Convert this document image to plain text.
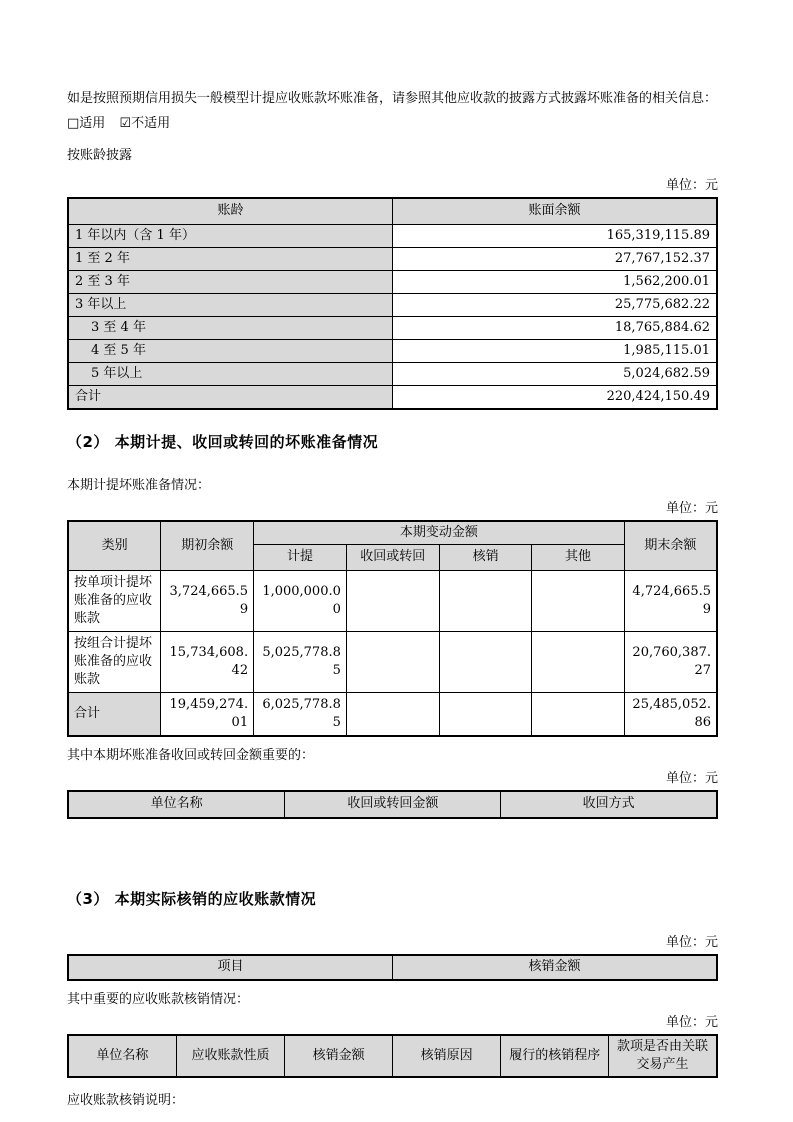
如是按照预期信用损失一般模型计提应收账款坏账准备，请参照其他应收款的披露方式披露坏账准备的相关信息：

□适用 ☑不适用

按账龄披露

单位：元

账龄	账面余额
1 年以内（含 1 年）	165,319,115.89
1 至 2 年	27,767,152.37
2 至 3 年	1,562,200.01
3 年以上	25,775,682.22
3 至 4 年	18,765,884.62
4 至 5 年	1,985,115.01
5 年以上	5,024,682.59
合计	220,424,150.49
（2） 本期计提、收回或转回的坏账准备情况

本期计提坏账准备情况：

单位：元

类别	期初余额	本期变动金额				期末余额
		计提	收回或转回	核销	其他	
按单项计提坏账准备的应收账款	3,724,665.59	1,000,000.00				4,724,665.59
按组合计提坏账准备的应收账款	15,734,608.42	5,025,778.85				20,760,387.27
合计	19,459,274.01	6,025,778.85				25,485,052.86

其中本期坏账准备收回或转回金额重要的：

单位：元

单位名称	收回或转回金额	收回方式
（3） 本期实际核销的应收账款情况

单位：元

项目	核销金额

其中重要的应收账款核销情况：

单位：元

单位名称	应收账款性质	核销金额	核销原因	履行的核销程序	款项是否由关联交易产生

应收账款核销说明：
